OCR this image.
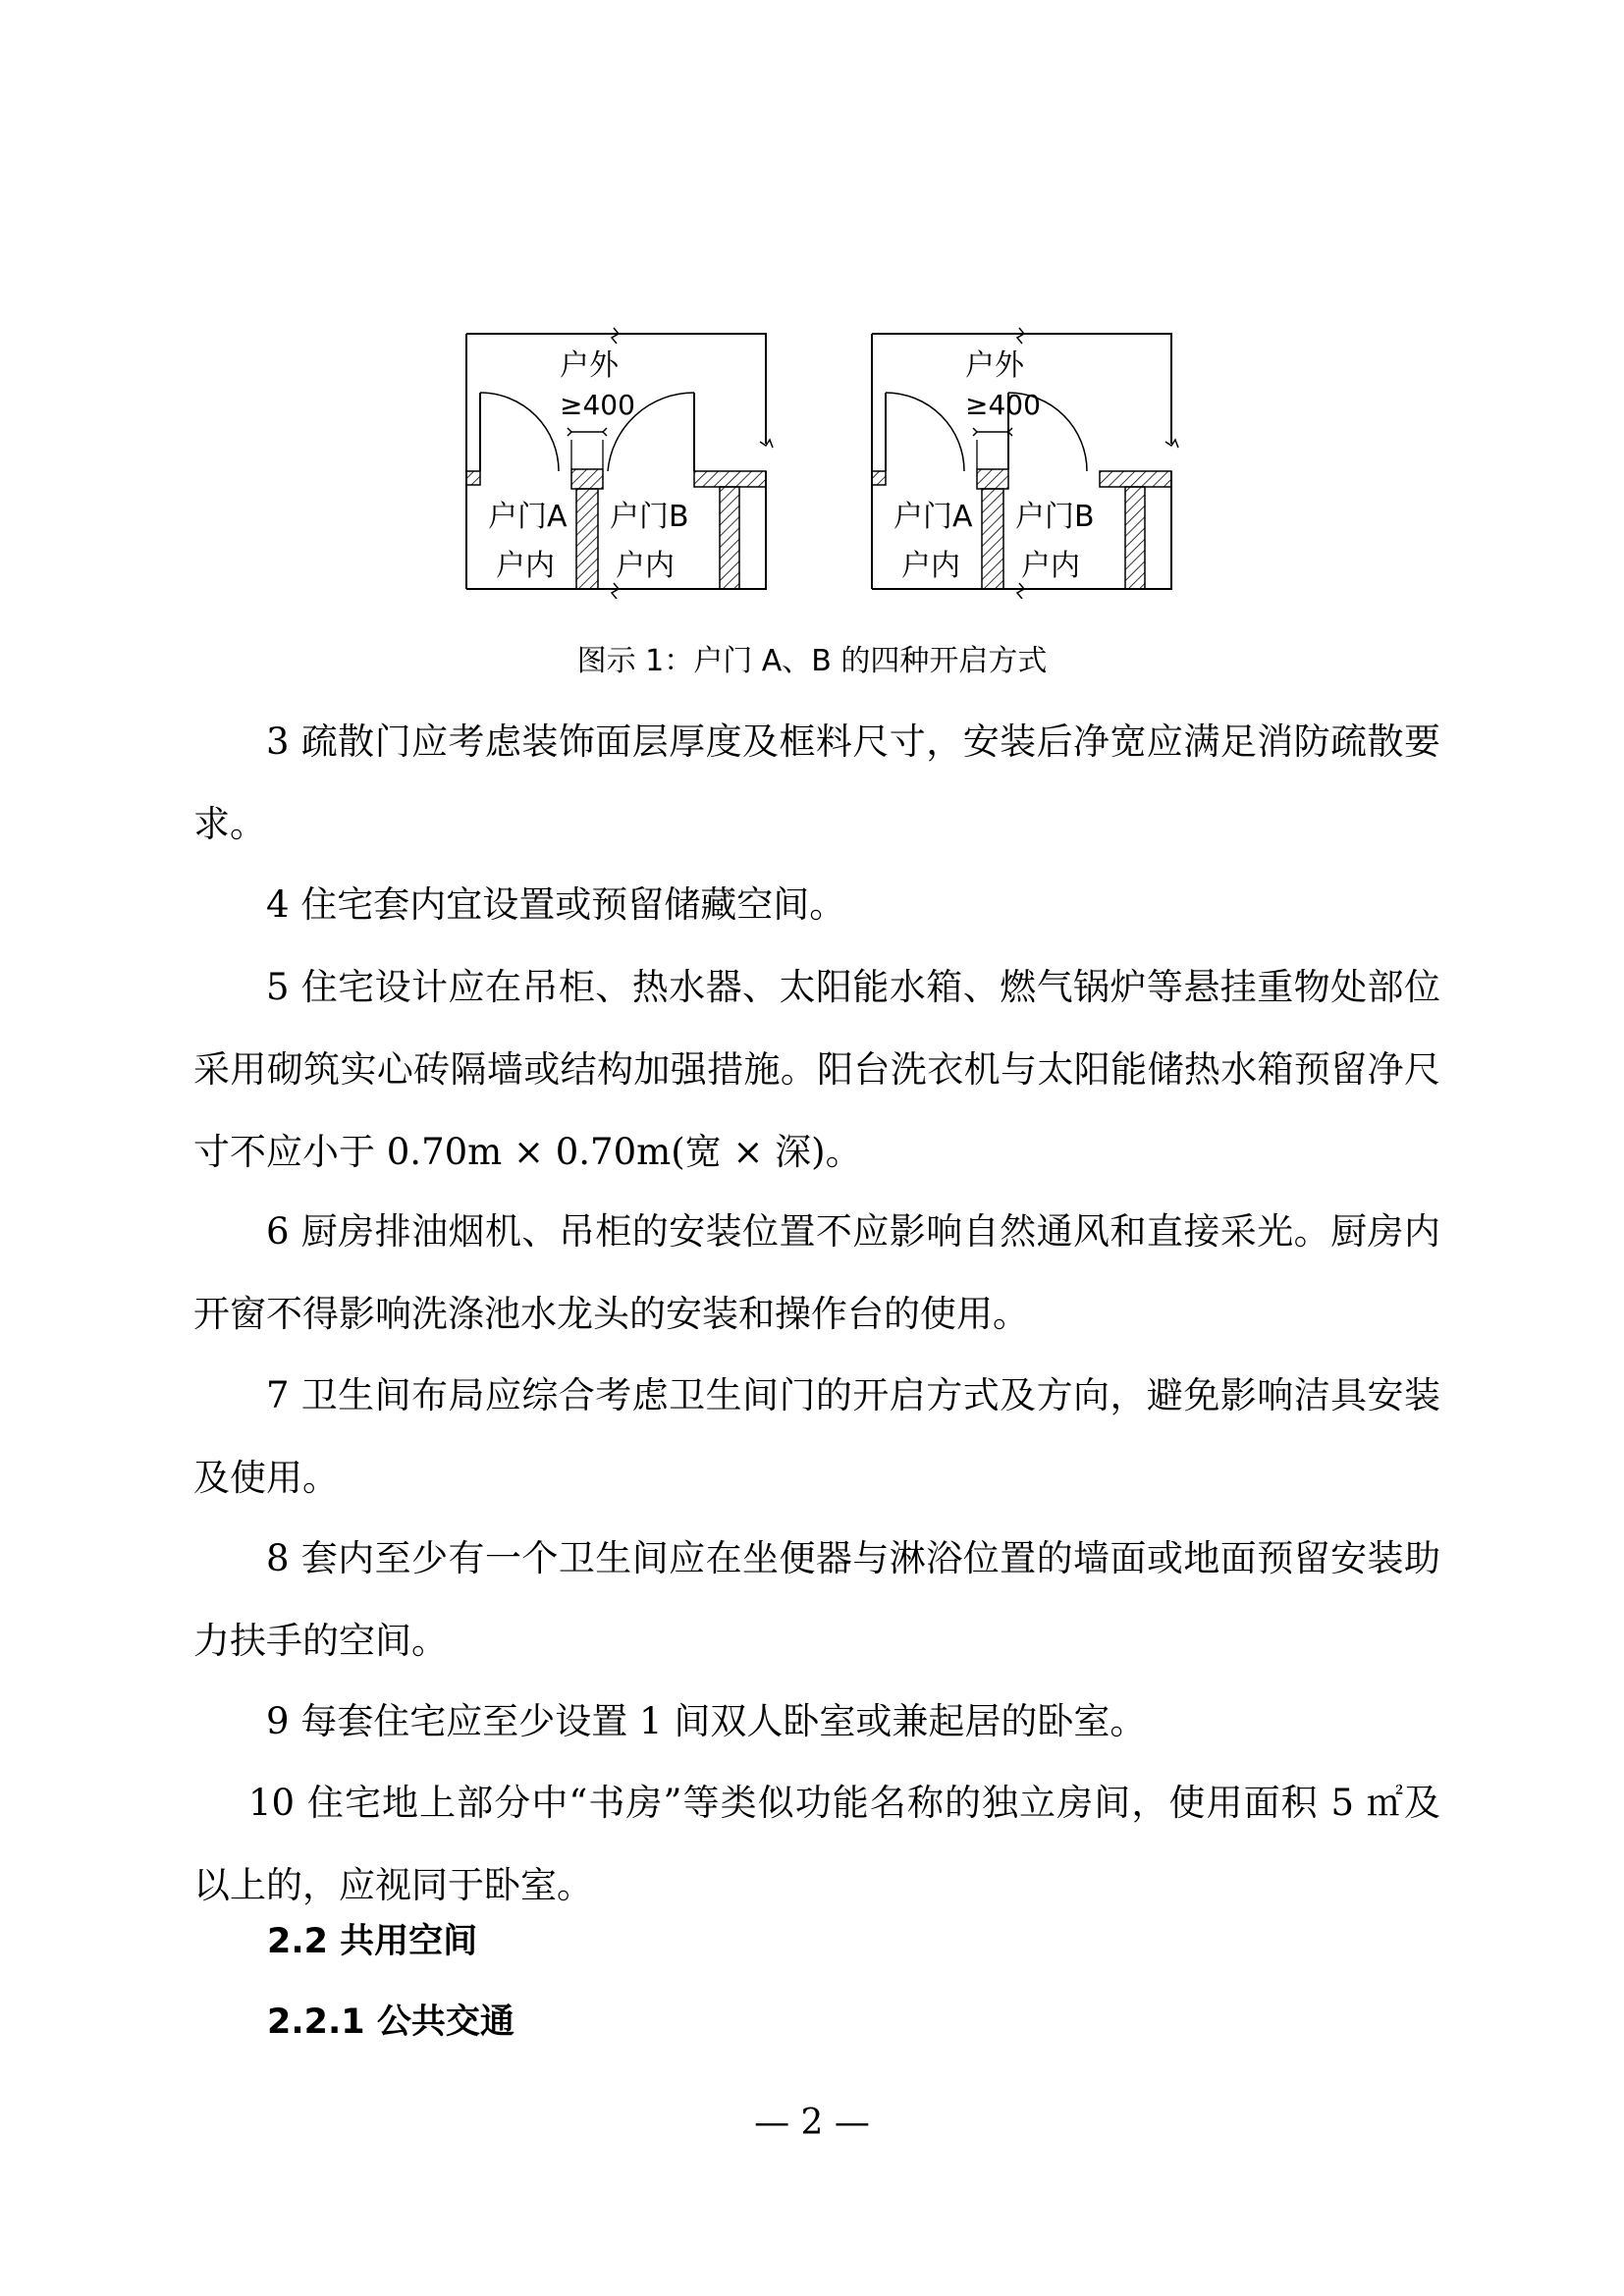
户外
≥400
户门A 户门B
户内 户内
户外
≥400
户门A 户门B
户内 户内
图示 1：户门 A、B 的四种开启方式

3 疏散门应考虑装饰面层厚度及框料尺寸，安装后净宽应满足消防疏散要求。

4 住宅套内宜设置或预留储藏空间。

5 住宅设计应在吊柜、热水器、太阳能水箱、燃气锅炉等悬挂重物处部位采用砌筑实心砖隔墙或结构加强措施。阳台洗衣机与太阳能储热水箱预留净尺寸不应小于 0.70m × 0.70m(宽 × 深)。

6 厨房排油烟机、吊柜的安装位置不应影响自然通风和直接采光。厨房内开窗不得影响洗涤池水龙头的安装和操作台的使用。

7 卫生间布局应综合考虑卫生间门的开启方式及方向，避免影响洁具安装及使用。

8 套内至少有一个卫生间应在坐便器与淋浴位置的墙面或地面预留安装助力扶手的空间。

9 每套住宅应至少设置 1 间双人卧室或兼起居的卧室。

10 住宅地上部分中“书房”等类似功能名称的独立房间，使用面积 5 ㎡及以上的，应视同于卧室。

2.2 共用空间
2.2.1 公共交通
— 2 —
